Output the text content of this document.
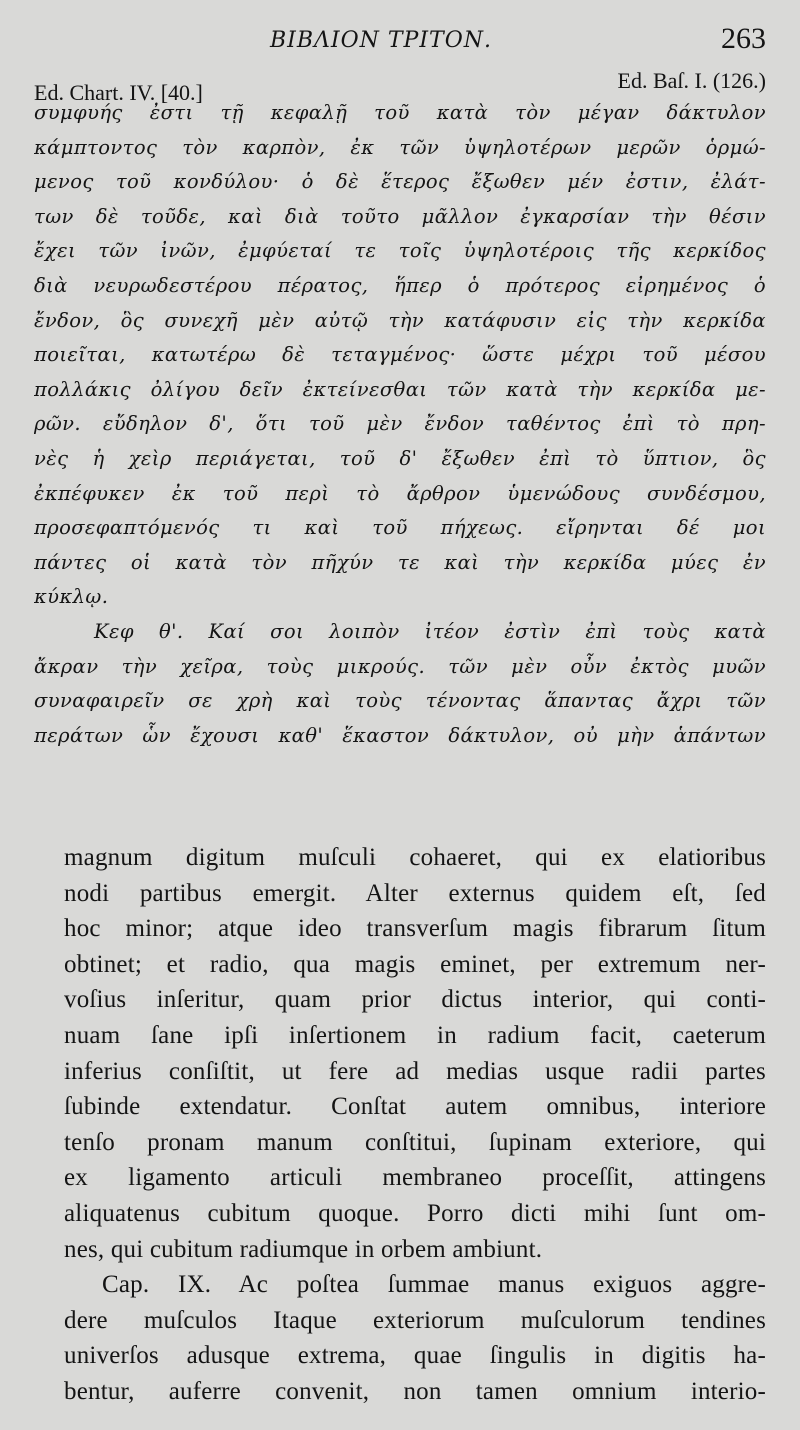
BIBΛIOΝ ΤΡΙΤΟΝ.	263
Ed. Chart. IV. [40.]	Ed. Baſ. I. (126.)
συμφυής ἐστι τῇ κεφαλῇ τοῦ κατὰ τὸν μέγαν δάκτυλον
κάμπτοντος τὸν καρπὸν, ἐκ τῶν ὑψηλοτέρων μερῶν ὁρμώ-
μενος τοῦ κονδύλου· ὁ δὲ ἕτερος ἔξωθεν μέν ἐστιν, ἐλάτ-
των δὲ τοῦδε, καὶ διὰ τοῦτο μᾶλλον ἐγκαρσίαν τὴν θέσιν
ἔχει τῶν ἰνῶν, ἐμφύεταί τε τοῖς ὑψηλοτέροις τῆς κερκίδος
διὰ νευρωδεστέρου πέρατος, ἥπερ ὁ πρότερος εἰρημένος ὁ
ἔνδον, ὃς συνεχῆ μὲν αὐτῷ τὴν κατάφυσιν εἰς τὴν κερκίδα
ποιεῖται, κατωτέρω δὲ τεταγμένος· ὥστε μέχρι τοῦ μέσου
πολλάκις ὀλίγου δεῖν ἐκτείνεσθαι τῶν κατὰ τὴν κερκίδα με-
ρῶν. εὔδηλον δ', ὅτι τοῦ μὲν ἔνδον ταθέντος ἐπὶ τὸ πρη-
νὲς ἡ χεὶρ περιάγεται, τοῦ δ' ἔξωθεν ἐπὶ τὸ ὕπτιον, ὃς
ἐκπέφυκεν ἐκ τοῦ περὶ τὸ ἄρθρον ὑμενώδους συνδέσμου,
προσεφαπτόμενός τι καὶ τοῦ πήχεως. εἴρηνται δέ μοι
πάντες οἱ κατὰ τὸν πῆχύν τε καὶ τὴν κερκίδα μύες ἐν
κύκλῳ.
Κεφ θ'. Καί σοι λοιπὸν ἰτέον ἐστὶν ἐπὶ τοὺς κατὰ
ἄκραν τὴν χεῖρα, τοὺς μικρούς. τῶν μὲν οὖν ἐκτὸς μυῶν
συναφαιρεῖν σε χρὴ καὶ τοὺς τένοντας ἅπαντας ἄχρι τῶν
περάτων ὧν ἔχουσι καθ' ἕκαστον δάκτυλον, οὐ μὴν ἁπάντων
magnum digitum muſculi cohaeret, qui ex elatioribus
nodi partibus emergit. Alter externus quidem eſt, ſed
hoc minor; atque ideo transverſum magis fibrarum ſitum
obtinet; et radio, qua magis eminet, per extremum ner-
voſius inſeritur, quam prior dictus interior, qui conti-
nuam ſane ipſi inſertionem in radium facit, caeterum
inferius conſiſtit, ut fere ad medias usque radii partes
ſubinde extendatur. Conſtat autem omnibus, interiore
tenſo pronam manum conſtitui, ſupinam exteriore, qui
ex ligamento articuli membraneo proceſſit, attingens
aliquatenus cubitum quoque. Porro dicti mihi ſunt om-
nes, qui cubitum radiumque in orbem ambiunt.
Cap. IX. Ac poſtea ſummae manus exiguos aggre-
dere muſculos Itaque exteriorum muſculorum tendines
univerſos adusque extrema, quae ſingulis in digitis ha-
bentur, auferre convenit, non tamen omnium interio-
